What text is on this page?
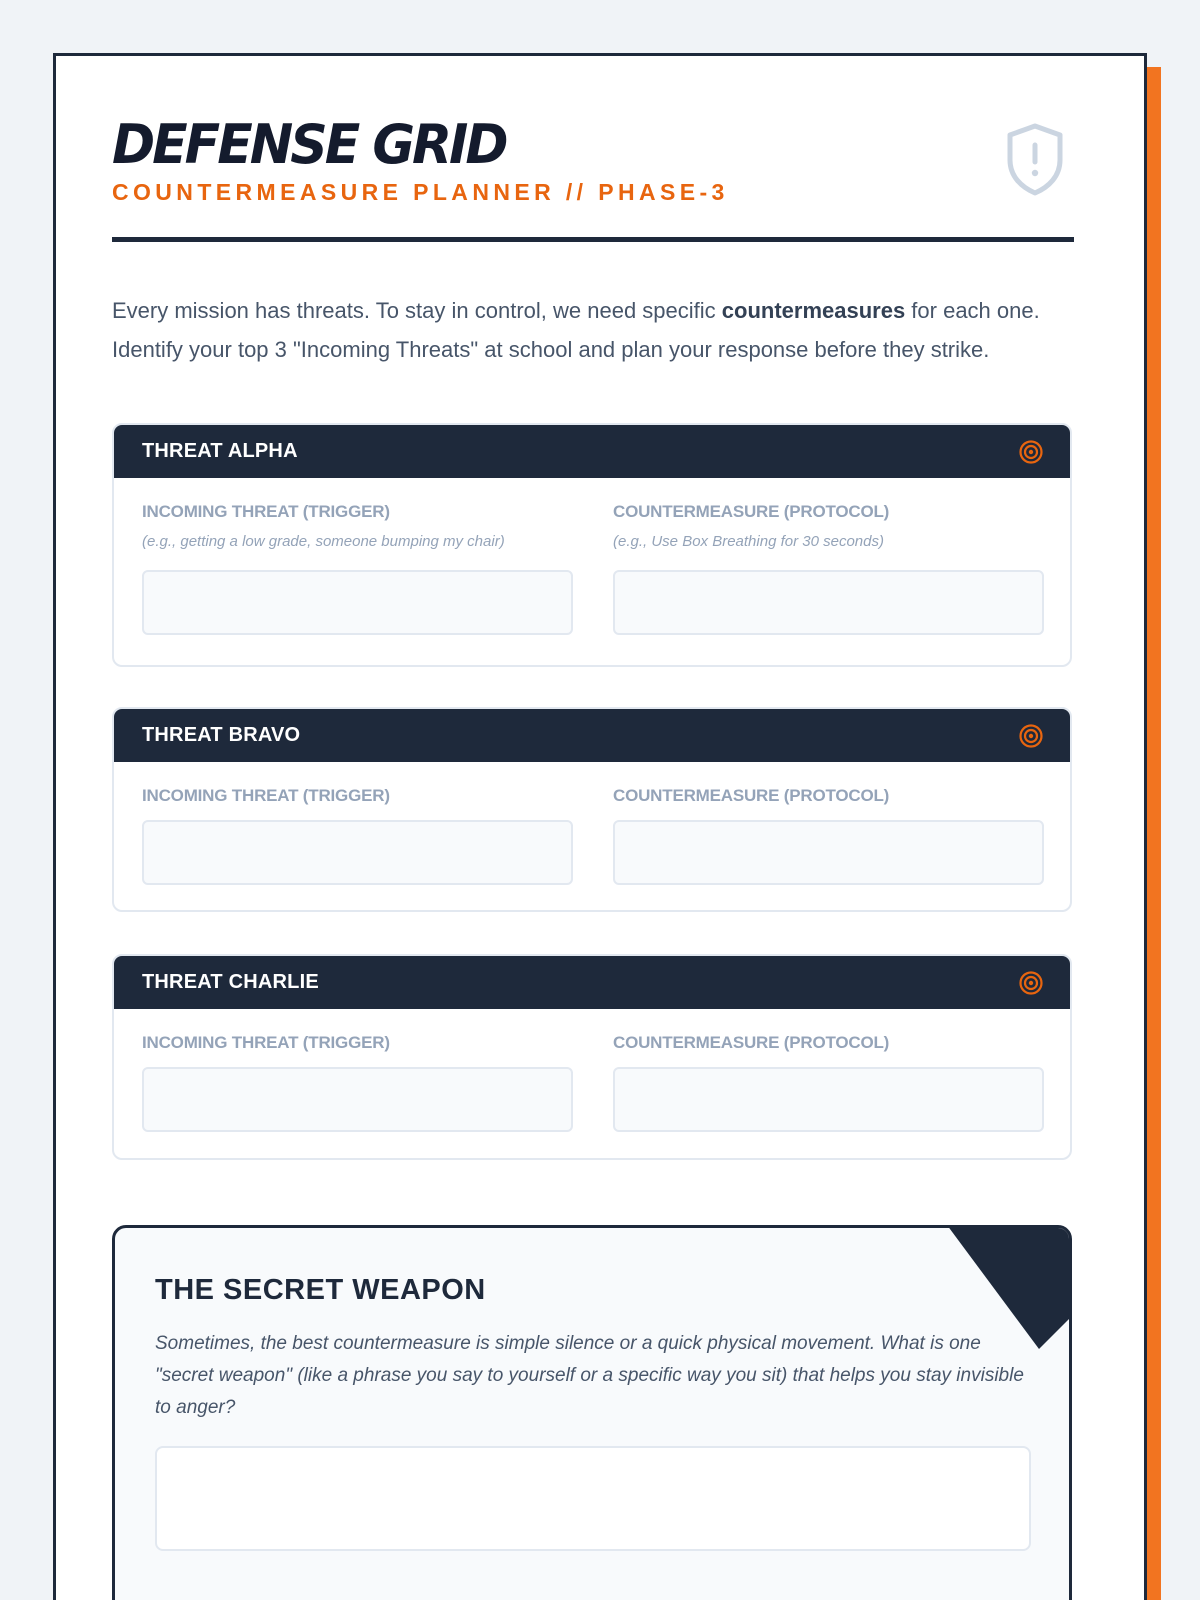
DEFENSE GRID
COUNTERMEASURE PLANNER // PHASE-3

Every mission has threats. To stay in control, we need specific countermeasures for each one. Identify your top 3 "Incoming Threats" at school and plan your response before they strike.

THREAT ALPHA
INCOMING THREAT (TRIGGER)
(e.g., getting a low grade, someone bumping my chair)
COUNTERMEASURE (PROTOCOL)
(e.g., Use Box Breathing for 30 seconds)
THREAT BRAVO
INCOMING THREAT (TRIGGER)	COUNTERMEASURE (PROTOCOL)
THREAT CHARLIE
INCOMING THREAT (TRIGGER)	COUNTERMEASURE (PROTOCOL)
THE SECRET WEAPON
Sometimes, the best countermeasure is simple silence or a quick physical movement. What is one "secret weapon" (like a phrase you say to yourself or a specific way you sit) that helps you stay invisible to anger?
